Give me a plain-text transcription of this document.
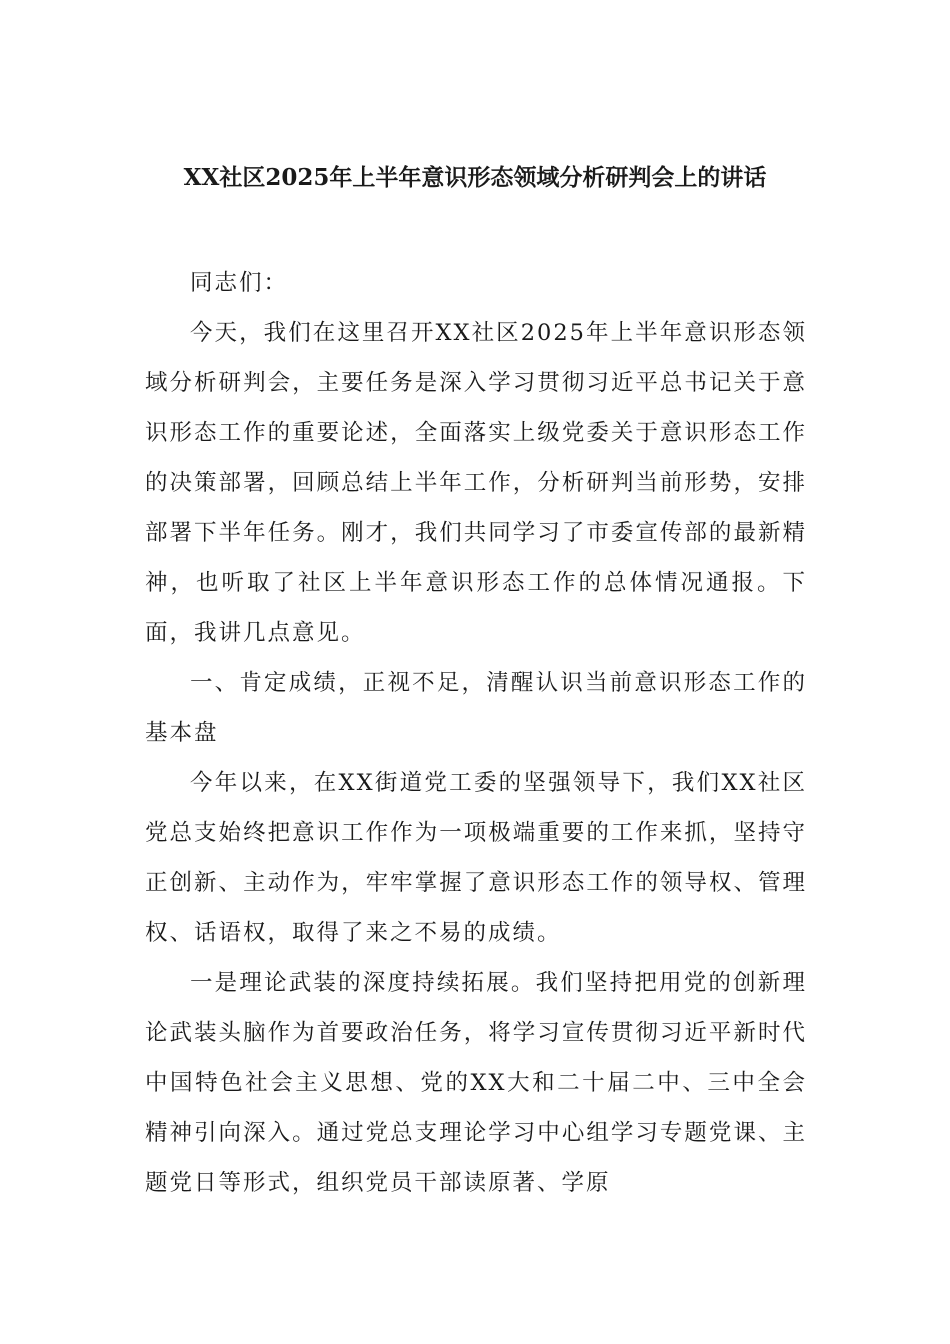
XX社区2025年上半年意识形态领域分析研判会上的讲话

同志们：

今天，我们在这里召开XX社区2025年上半年意识形态领域分析研判会，主要任务是深入学习贯彻习近平总书记关于意识形态工作的重要论述，全面落实上级党委关于意识形态工作的决策部署，回顾总结上半年工作，分析研判当前形势，安排部署下半年任务。刚才，我们共同学习了市委宣传部的最新精神，也听取了社区上半年意识形态工作的总体情况通报。下面，我讲几点意见。

一、肯定成绩，正视不足，清醒认识当前意识形态工作的基本盘

今年以来，在XX街道党工委的坚强领导下，我们XX社区党总支始终把意识工作作为一项极端重要的工作来抓，坚持守正创新、主动作为，牢牢掌握了意识形态工作的领导权、管理权、话语权，取得了来之不易的成绩。

一是理论武装的深度持续拓展。我们坚持把用党的创新理论武装头脑作为首要政治任务，将学习宣传贯彻习近平新时代中国特色社会主义思想、党的XX大和二十届二中、三中全会精神引向深入。通过党总支理论学习中心组学习专题党课、主题党日等形式，组织党员干部读原著、学原
